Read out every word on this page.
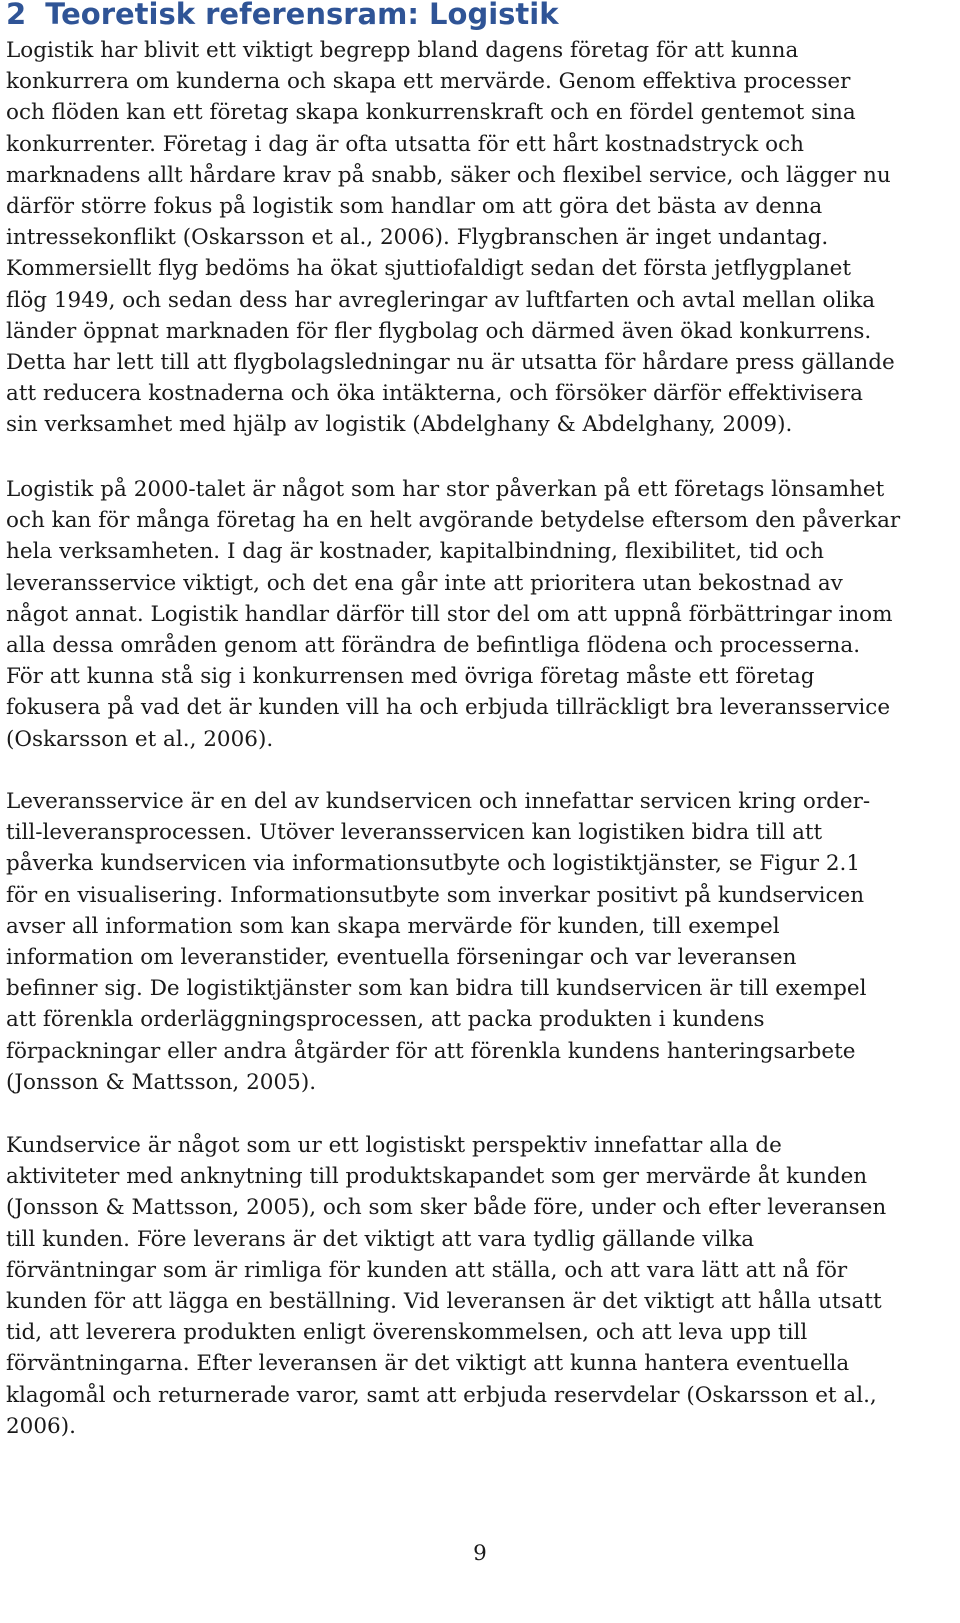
2 Teoretisk referensram: Logistik

Logistik har blivit ett viktigt begrepp bland dagens företag för att kunna
konkurrera om kunderna och skapa ett mervärde. Genom effektiva processer
och flöden kan ett företag skapa konkurrenskraft och en fördel gentemot sina
konkurrenter. Företag i dag är ofta utsatta för ett hårt kostnadstryck och
marknadens allt hårdare krav på snabb, säker och flexibel service, och lägger nu
därför större fokus på logistik som handlar om att göra det bästa av denna
intressekonflikt (Oskarsson et al., 2006). Flygbranschen är inget undantag.
Kommersiellt flyg bedöms ha ökat sjuttiofaldigt sedan det första jetflygplanet
flög 1949, och sedan dess har avregleringar av luftfarten och avtal mellan olika
länder öppnat marknaden för fler flygbolag och därmed även ökad konkurrens.
Detta har lett till att flygbolagsledningar nu är utsatta för hårdare press gällande
att reducera kostnaderna och öka intäkterna, och försöker därför effektivisera
sin verksamhet med hjälp av logistik (Abdelghany & Abdelghany, 2009).

Logistik på 2000-talet är något som har stor påverkan på ett företags lönsamhet
och kan för många företag ha en helt avgörande betydelse eftersom den påverkar
hela verksamheten. I dag är kostnader, kapitalbindning, flexibilitet, tid och
leveransservice viktigt, och det ena går inte att prioritera utan bekostnad av
något annat. Logistik handlar därför till stor del om att uppnå förbättringar inom
alla dessa områden genom att förändra de befintliga flödena och processerna.
För att kunna stå sig i konkurrensen med övriga företag måste ett företag
fokusera på vad det är kunden vill ha och erbjuda tillräckligt bra leveransservice
(Oskarsson et al., 2006).

Leveransservice är en del av kundservicen och innefattar servicen kring order-
till-leveransprocessen. Utöver leveransservicen kan logistiken bidra till att
påverka kundservicen via informationsutbyte och logistiktjänster, se Figur 2.1
för en visualisering. Informationsutbyte som inverkar positivt på kundservicen
avser all information som kan skapa mervärde för kunden, till exempel
information om leveranstider, eventuella förseningar och var leveransen
befinner sig. De logistiktjänster som kan bidra till kundservicen är till exempel
att förenkla orderläggningsprocessen, att packa produkten i kundens
förpackningar eller andra åtgärder för att förenkla kundens hanteringsarbete
(Jonsson & Mattsson, 2005).

Kundservice är något som ur ett logistiskt perspektiv innefattar alla de
aktiviteter med anknytning till produktskapandet som ger mervärde åt kunden
(Jonsson & Mattsson, 2005), och som sker både före, under och efter leveransen
till kunden. Före leverans är det viktigt att vara tydlig gällande vilka
förväntningar som är rimliga för kunden att ställa, och att vara lätt att nå för
kunden för att lägga en beställning. Vid leveransen är det viktigt att hålla utsatt
tid, att leverera produkten enligt överenskommelsen, och att leva upp till
förväntningarna. Efter leveransen är det viktigt att kunna hantera eventuella
klagomål och returnerade varor, samt att erbjuda reservdelar (Oskarsson et al.,
2006).

9
